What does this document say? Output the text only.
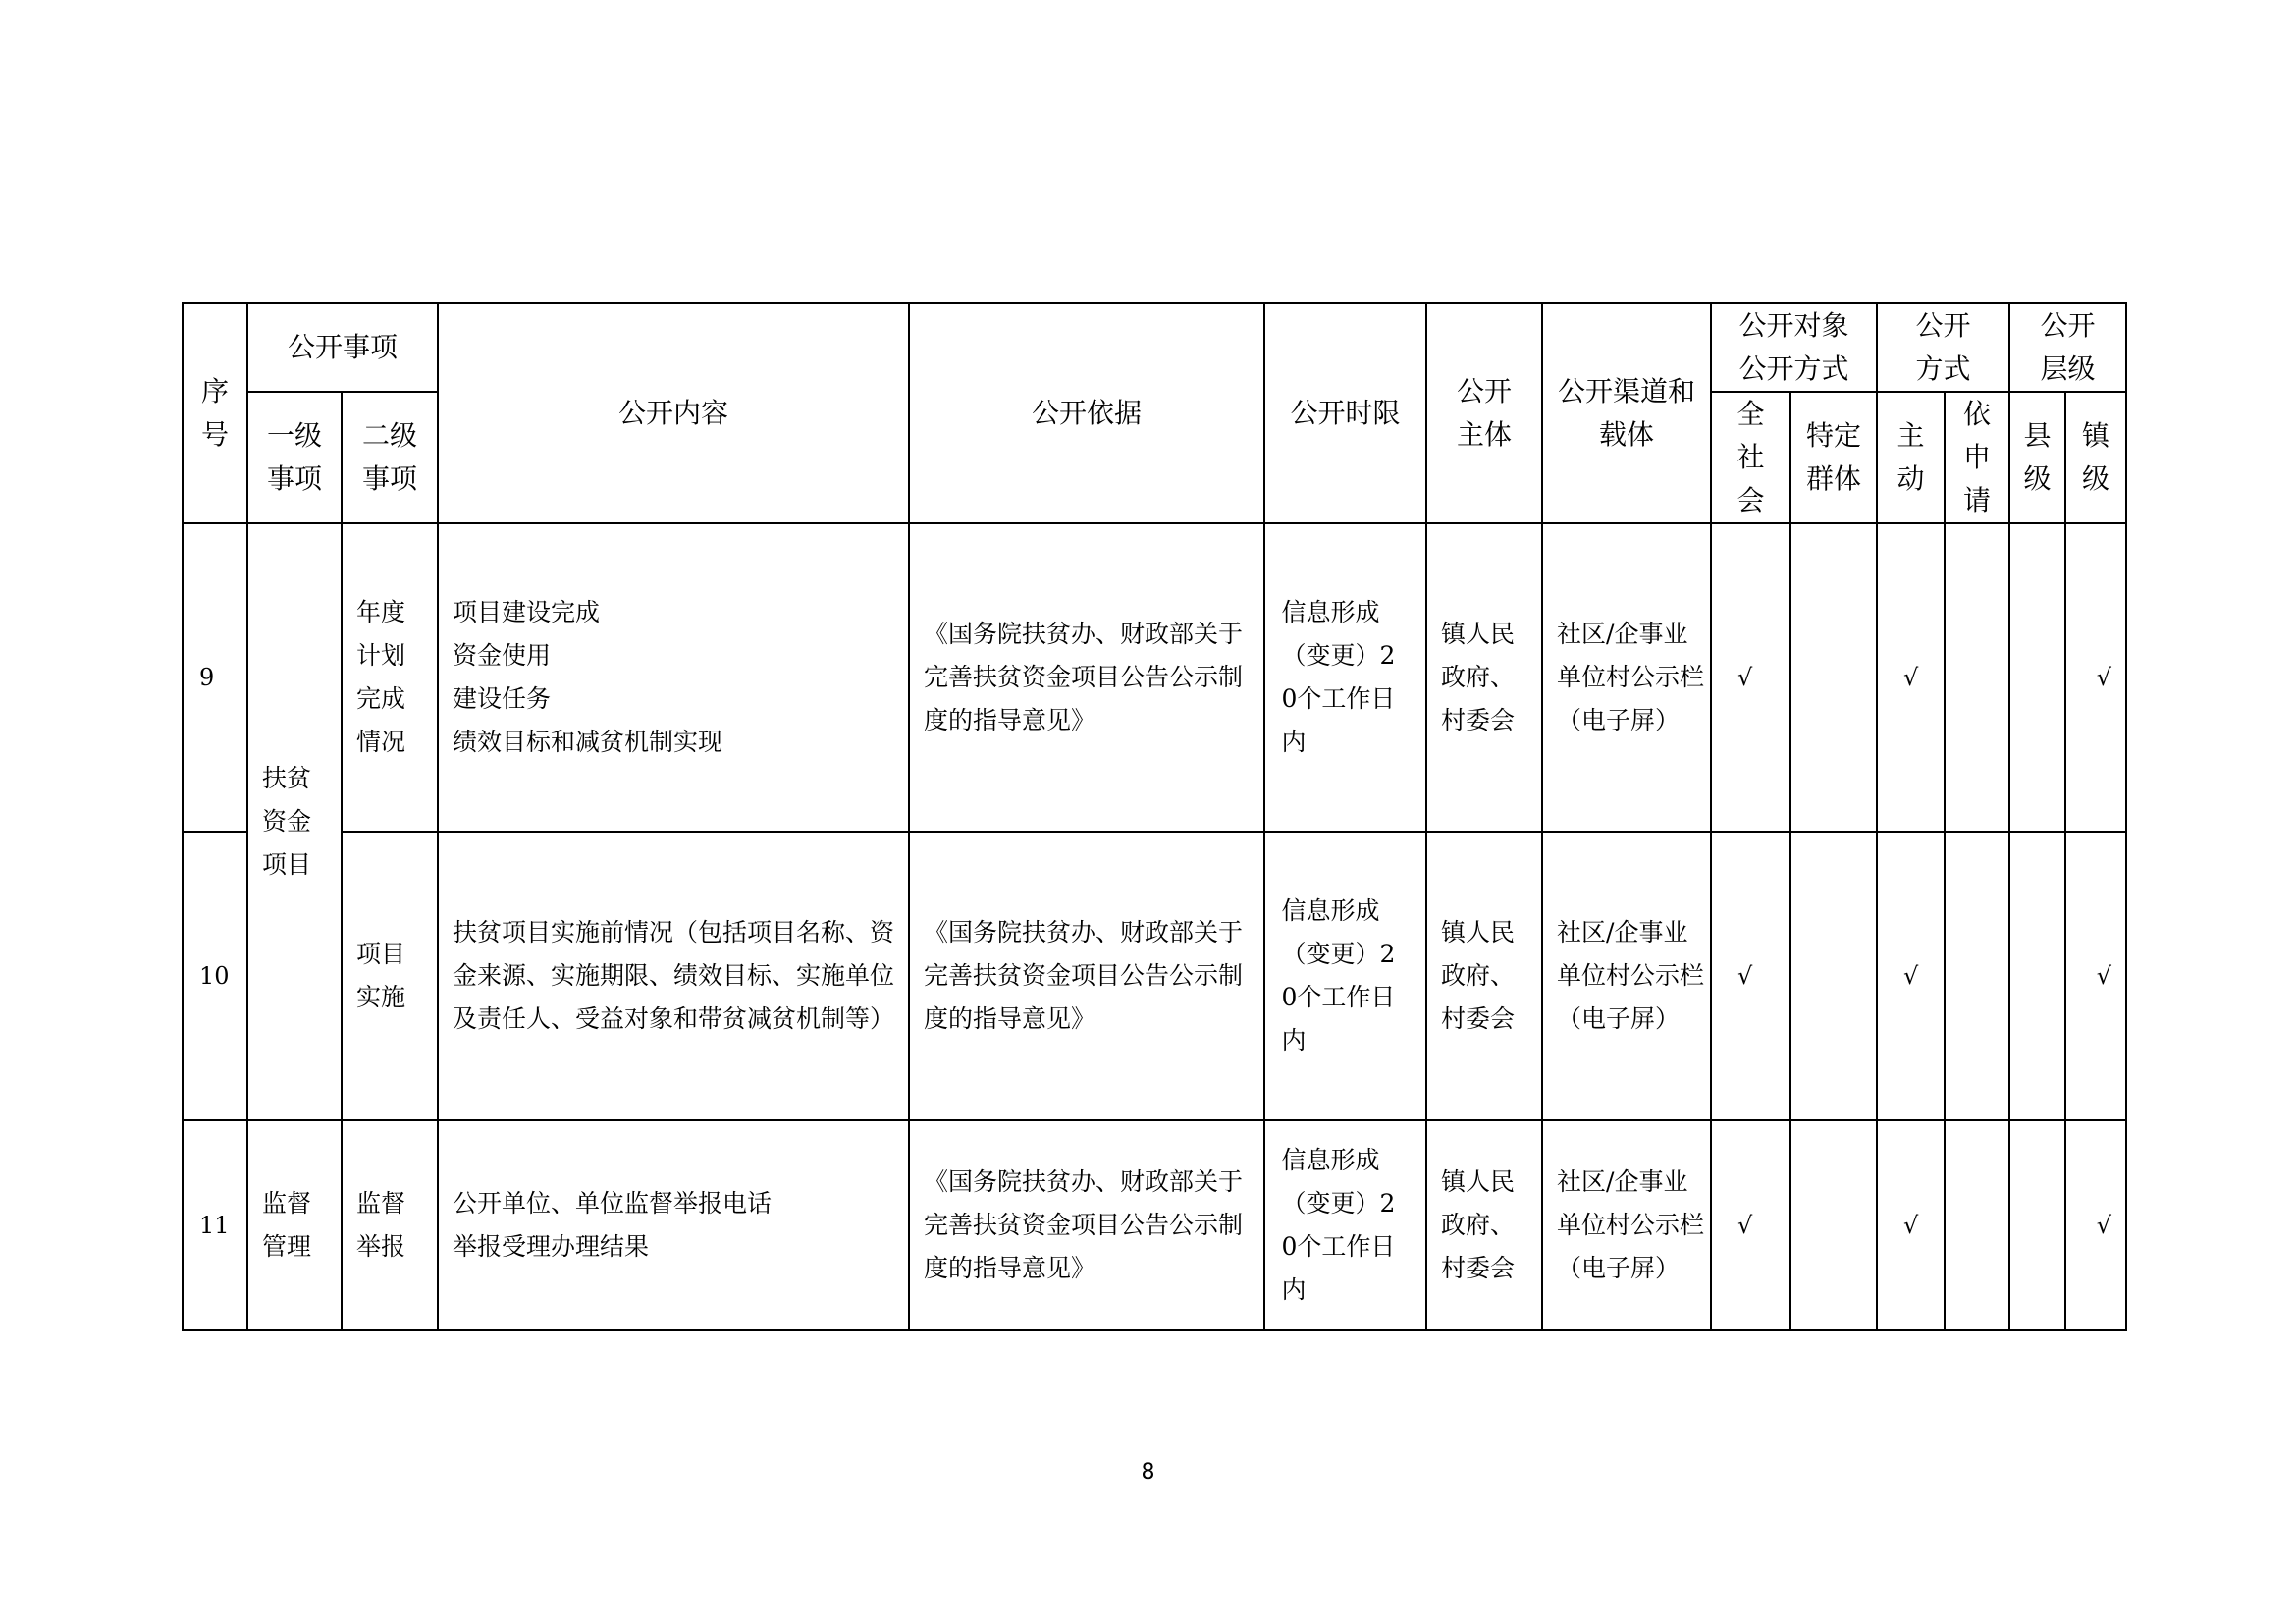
序号	公开事项		公开内容	公开依据	公开时限	公开主体	公开渠道和载体	公开对象公开方式		公开方式		公开层级	

	一级事项	二级事项						全社会	特定群体	主动	依申请	县级	镇级

9	扶贫资金项目	年度计划完成情况	项目建设完成
资金使用
建设任务
绩效目标和减贫机制实现	《国务院扶贫办、财政部关于完善扶贫资金项目公告公示制度的指导意见》	信息形成（变更）20个工作日内	镇人民政府、村委会	社区/企事业单位村公示栏（电子屏）	√		√			√
10		项目实施	扶贫项目实施前情况（包括项目名称、资金来源、实施期限、绩效目标、实施单位及责任人、受益对象和带贫减贫机制等）	《国务院扶贫办、财政部关于完善扶贫资金项目公告公示制度的指导意见》	信息形成（变更）20个工作日内	镇人民政府、村委会	社区/企事业单位村公示栏（电子屏）	√		√			√
11	监督管理	监督举报	公开单位、单位监督举报电话
举报受理办理结果	《国务院扶贫办、财政部关于完善扶贫资金项目公告公示制度的指导意见》	信息形成（变更）20个工作日内	镇人民政府、村委会	社区/企事业单位村公示栏（电子屏）	√		√			√
8
